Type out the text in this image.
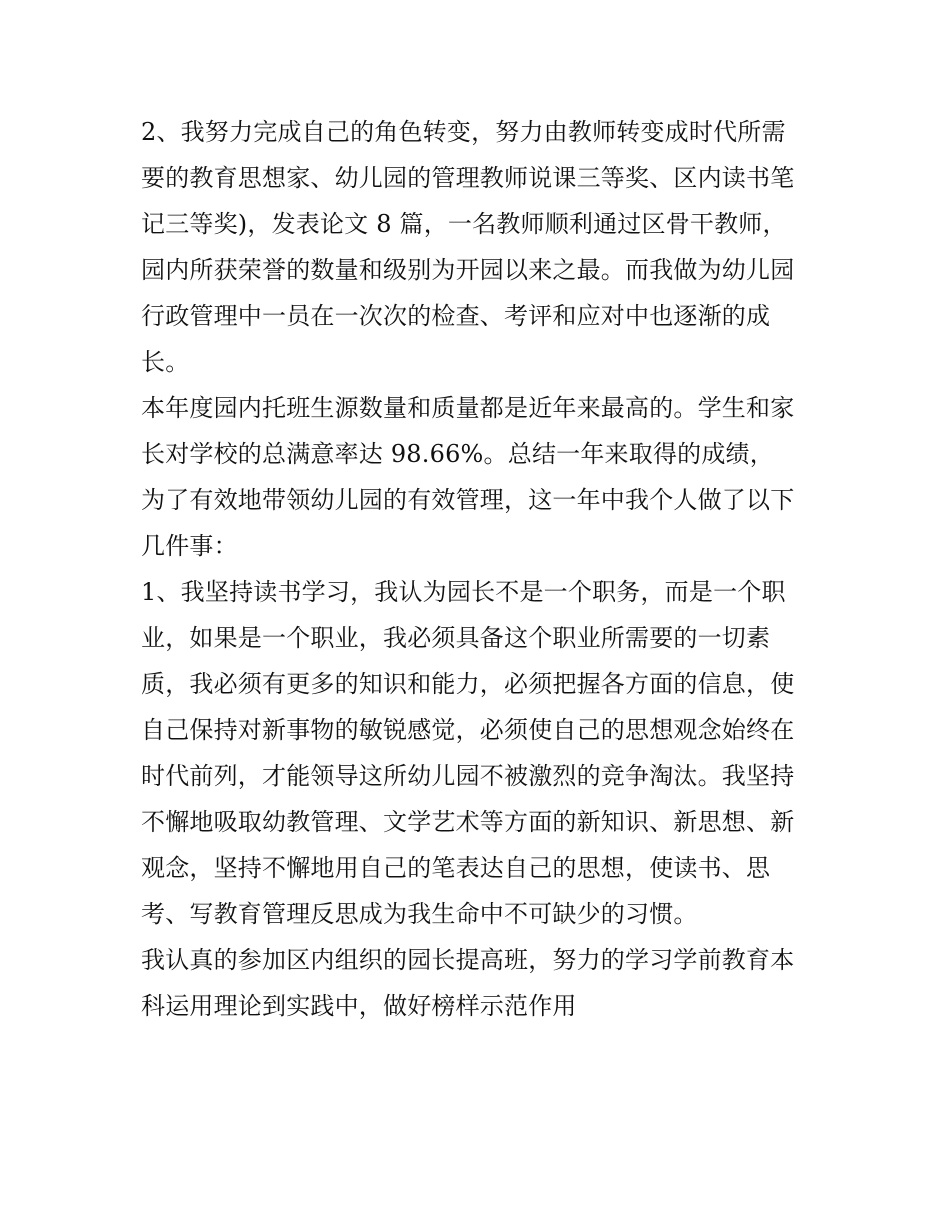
2、我努力完成自己的角色转变，努力由教师转变成时代所需
要的教育思想家、幼儿园的管理教师说课三等奖、区内读书笔
记三等奖)，发表论文 8 篇，一名教师顺利通过区骨干教师，
园内所获荣誉的数量和级别为开园以来之最。而我做为幼儿园
行政管理中一员在一次次的检查、考评和应对中也逐渐的成
长。
本年度园内托班生源数量和质量都是近年来最高的。学生和家
长对学校的总满意率达 98.66%。总结一年来取得的成绩，
为了有效地带领幼儿园的有效管理，这一年中我个人做了以下
几件事：
1、我坚持读书学习，我认为园长不是一个职务，而是一个职
业，如果是一个职业，我必须具备这个职业所需要的一切素
质，我必须有更多的知识和能力，必须把握各方面的信息，使
自己保持对新事物的敏锐感觉，必须使自己的思想观念始终在
时代前列，才能领导这所幼儿园不被激烈的竞争淘汰。我坚持
不懈地吸取幼教管理、文学艺术等方面的新知识、新思想、新
观念，坚持不懈地用自己的笔表达自己的思想，使读书、思
考、写教育管理反思成为我生命中不可缺少的习惯。
我认真的参加区内组织的园长提高班，努力的学习学前教育本
科运用理论到实践中，做好榜样示范作用
